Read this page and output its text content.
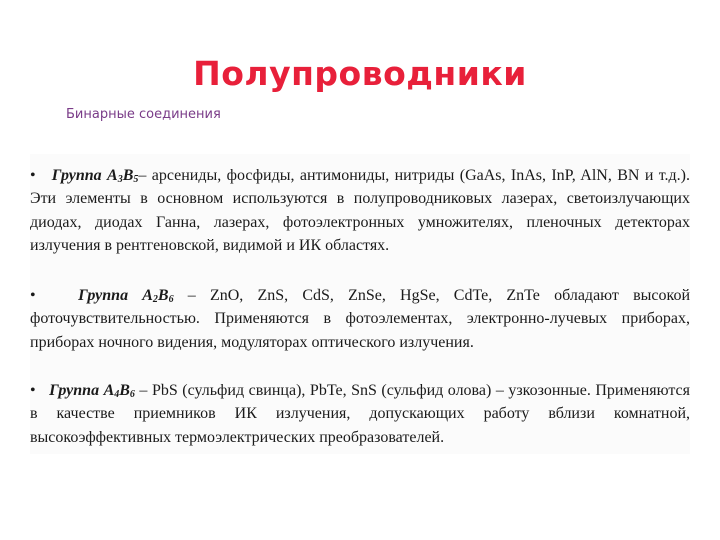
Полупроводники
Бинарные соединения

• Группа $A_3B_5-$ арсениды, фосфиды, антимониды, нитриды (GaAs, InAs, InP, AlN, BN и т.д.). Эти элементы в основном используются в полупроводниковых лазерах, светоизлучающих диодах, диодах Ганна, лазерах, фотоэлектронных умножителях, пленочных детекторах излучения в рентгеновской, видимой и ИК областях.

•	Группа $A_2B_6$ – ZnO, ZnS, CdS, ZnSe, HgSe, CdTe, ZnTe обладают высокой фоточувствительностью. Применяются в фотоэлементах, электронно-лучевых приборах, приборах ночного видения, модуляторах оптического излучения.

• Группа $A_4B_6$ – PbS (сульфид свинца), PbTe, SnS (сульфид олова) – узкозонные. Применяются в качестве приемников ИК излучения, допускающих работу вблизи комнатной, высокоэффективных термоэлектрических преобразователей.
